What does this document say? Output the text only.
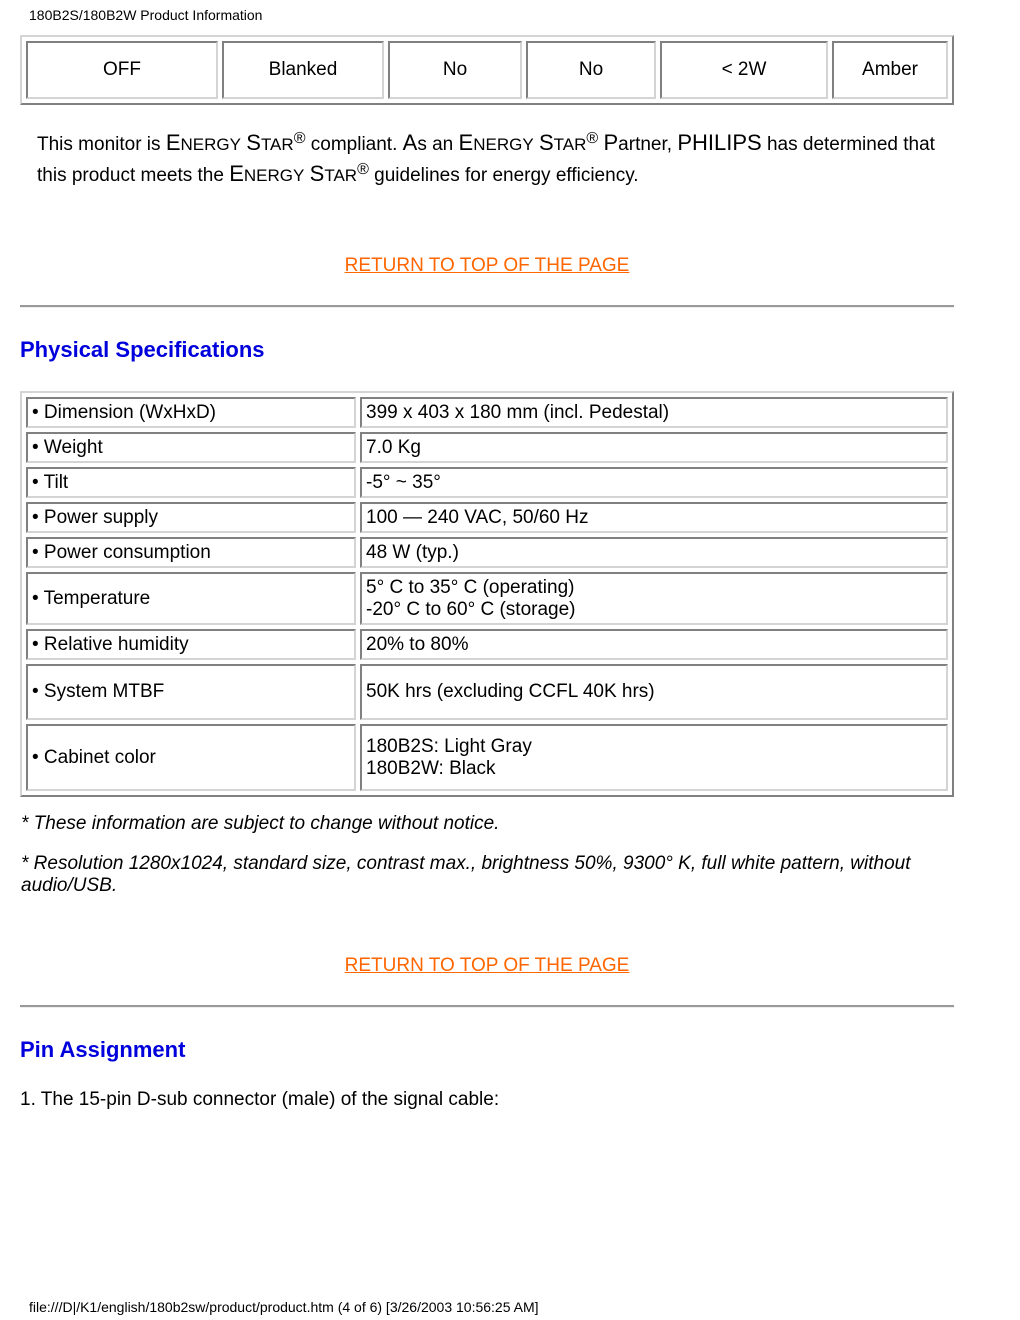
180B2S/180B2W Product Information
OFF	Blanked	No	No	< 2W	Amber
This monitor is ENERGY STAR® compliant. As an ENERGY STAR® Partner, PHILIPS has determined that this product meets the ENERGY STAR® guidelines for energy efficiency.
RETURN TO TOP OF THE PAGE
Physical Specifications
• Dimension (WxHxD)	399 x 403 x 180 mm (incl. Pedestal)
• Weight	7.0 Kg
• Tilt	-5° ~ 35°
• Power supply	100 — 240 VAC, 50/60 Hz
• Power consumption	48 W (typ.)
• Temperature	5° C to 35° C (operating)
-20° C to 60° C (storage)

• Relative humidity	20% to 80%
• System MTBF	50K hrs (excluding CCFL 40K hrs)
• Cabinet color	180B2S: Light Gray
180B2W: Black
* These information are subject to change without notice.
* Resolution 1280x1024, standard size, contrast max., brightness 50%, 9300° K, full white pattern, without audio/USB.
RETURN TO TOP OF THE PAGE
Pin Assignment
1. The 15-pin D-sub connector (male) of the signal cable:
file:///D|/K1/english/180b2sw/product/product.htm (4 of 6) [3/26/2003 10:56:25 AM]
